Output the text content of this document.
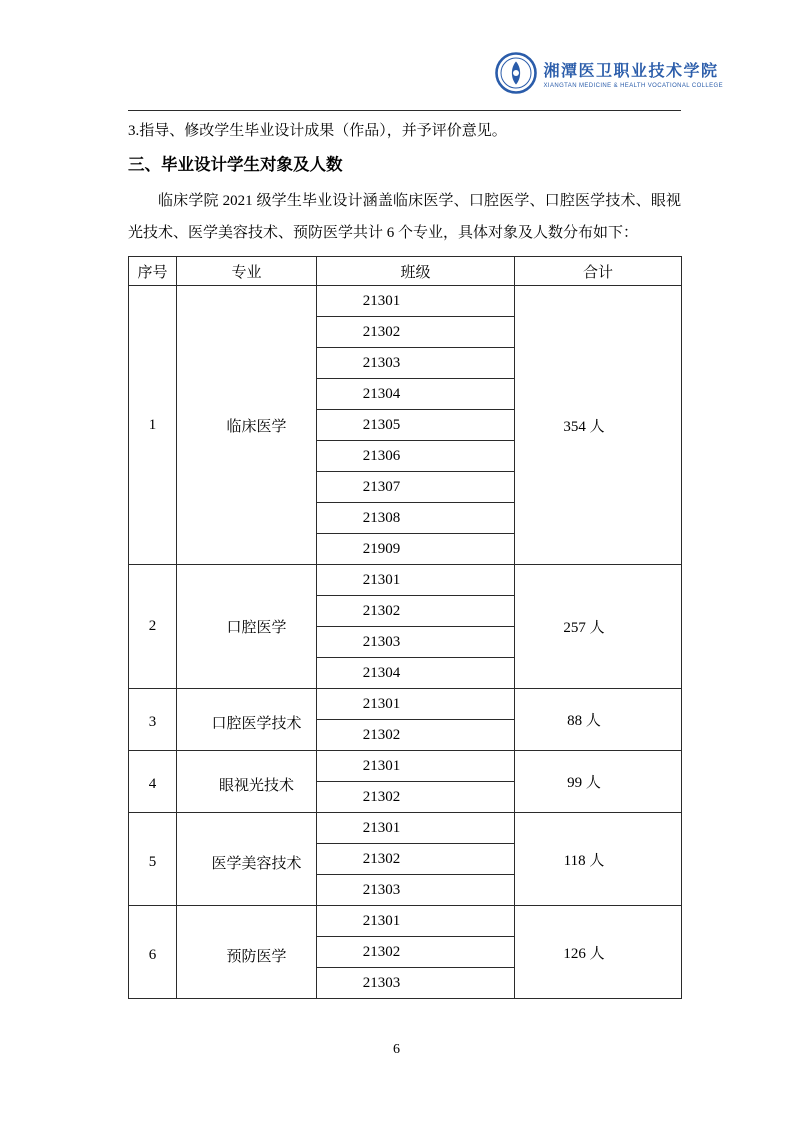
湘潭医卫职业技术学院
XIANGTAN MEDICINE & HEALTH VOCATIONAL COLLEGE

3.指导、修改学生毕业设计成果（作品），并予评价意见。

三、毕业设计学生对象及人数

临床学院 2021 级学生毕业设计涵盖临床医学、口腔医学、口腔医学技术、眼视光技术、医学美容技术、预防医学共计 6 个专业，具体对象及人数分布如下：

序号	专业	班级	合计
1	临床医学	21301	354 人
		21302	
		21303	
		21304	
		21305	
		21306	
		21307	
		21308	
		21909	
2	口腔医学	21301	257 人
		21302	
		21303	
		21304	
3	口腔医学技术	21301	88 人
		21302	
4	眼视光技术	21301	99 人
		21302	
5	医学美容技术	21301	118 人
		21302	
		21303	
6	预防医学	21301	126 人
		21302	
		21303	
6
